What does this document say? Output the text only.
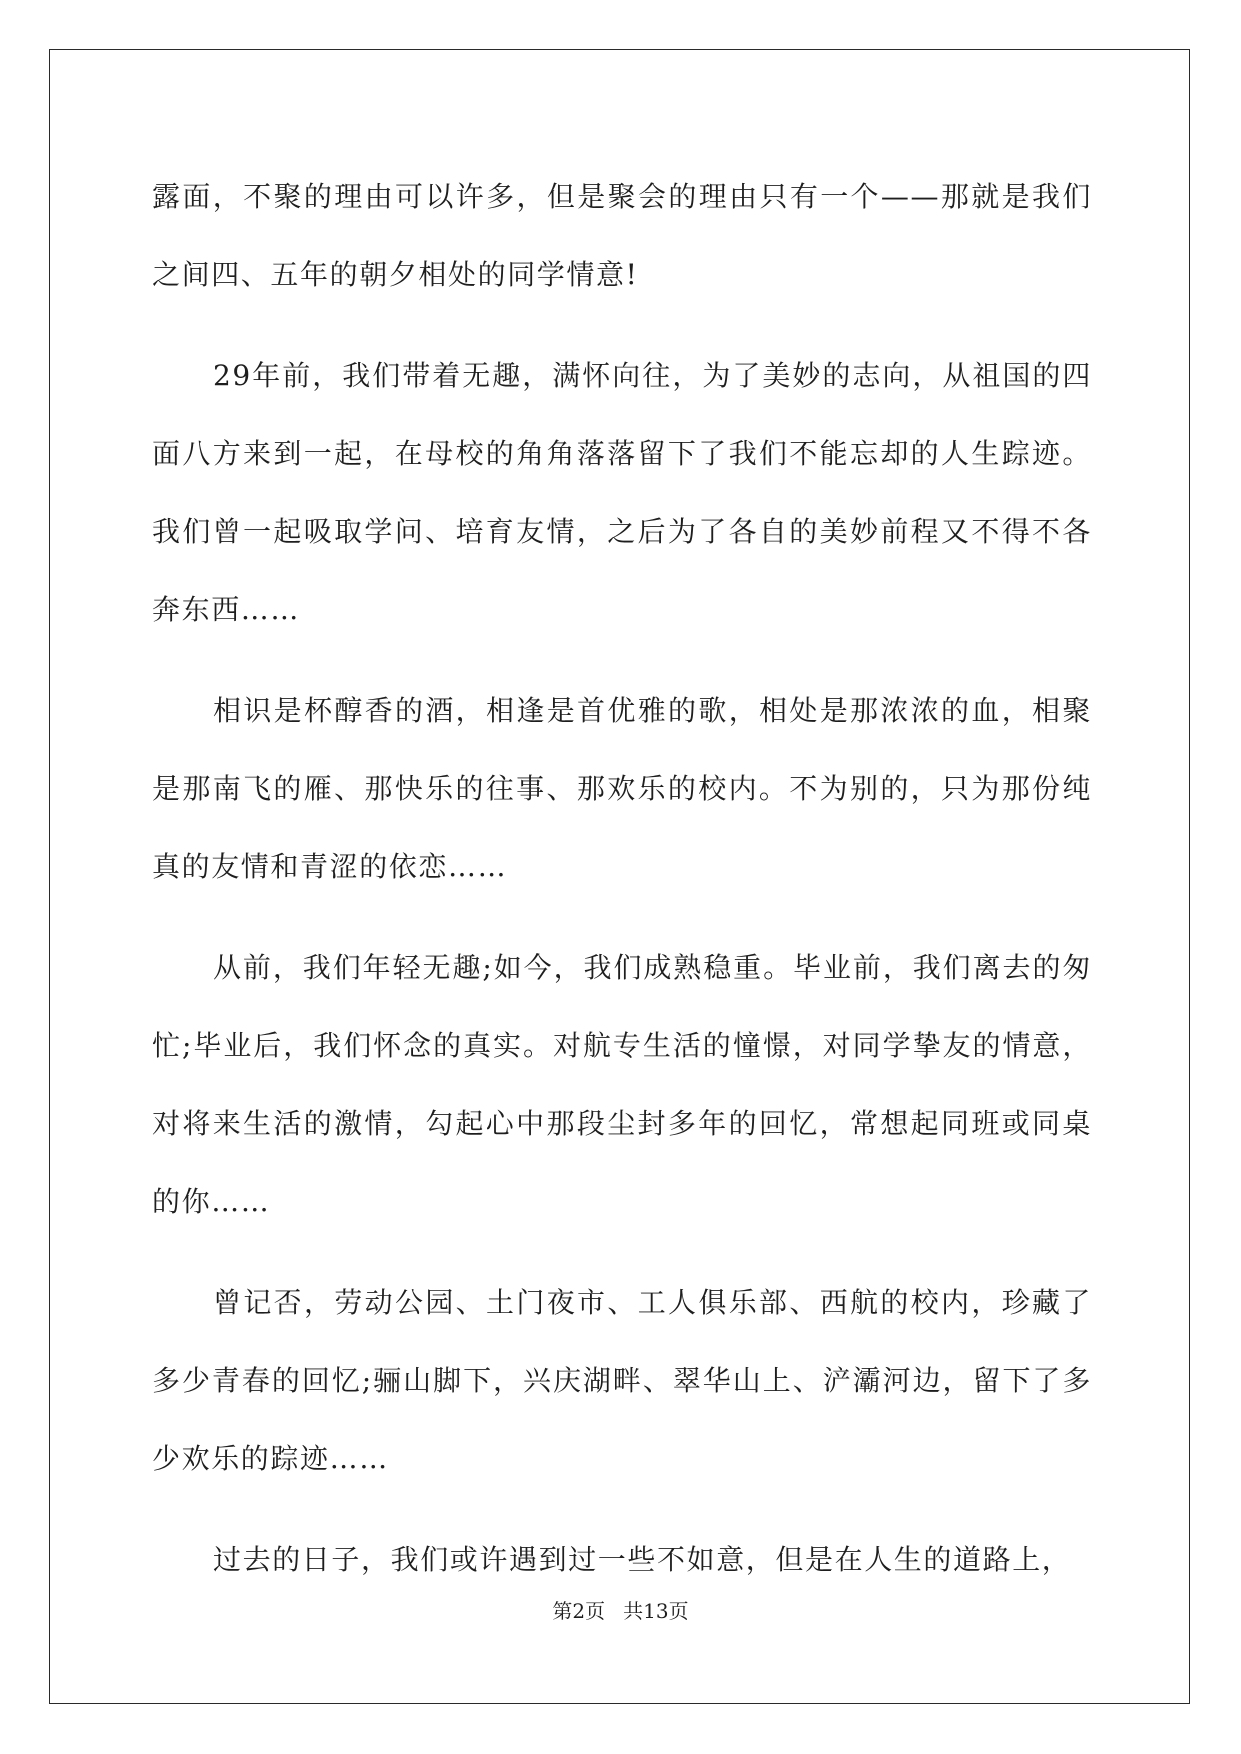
露面，不聚的理由可以许多，但是聚会的理由只有一个——那就是我们之间四、五年的朝夕相处的同学情意!

29年前，我们带着无趣，满怀向往，为了美妙的志向，从祖国的四面八方来到一起，在母校的角角落落留下了我们不能忘却的人生踪迹。我们曾一起吸取学问、培育友情，之后为了各自的美妙前程又不得不各奔东西……

相识是杯醇香的酒，相逢是首优雅的歌，相处是那浓浓的血，相聚是那南飞的雁、那快乐的往事、那欢乐的校内。不为别的，只为那份纯真的友情和青涩的依恋……

从前，我们年轻无趣;如今，我们成熟稳重。毕业前，我们离去的匆忙;毕业后，我们怀念的真实。对航专生活的憧憬，对同学挚友的情意，对将来生活的激情，勾起心中那段尘封多年的回忆，常想起同班或同桌的你……

曾记否，劳动公园、土门夜市、工人俱乐部、西航的校内，珍藏了多少青春的回忆;骊山脚下，兴庆湖畔、翠华山上、浐灞河边，留下了多少欢乐的踪迹……

过去的日子，我们或许遇到过一些不如意，但是在人生的道路上，

第2页 共13页
